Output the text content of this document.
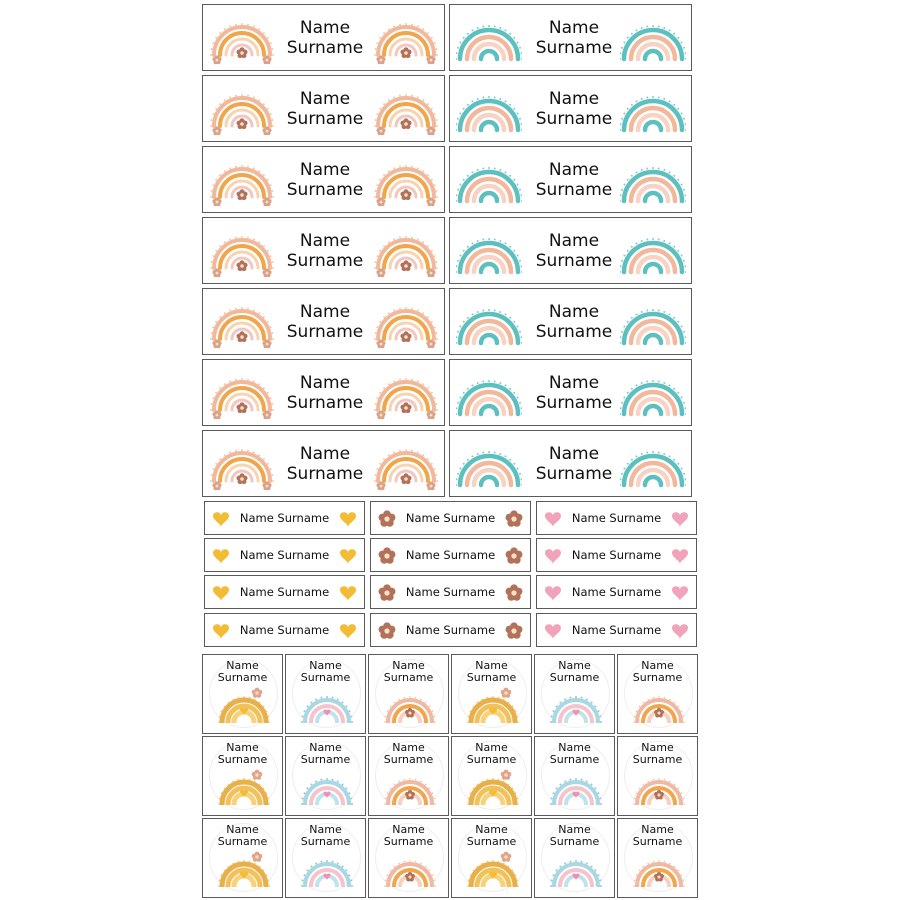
Name
Surname
Name
Surname
Name
Surname
Name
Surname
Name
Surname
Name
Surname
Name
Surname
Name
Surname
Name
Surname
Name
Surname
Name
Surname
Name
Surname
Name
Surname
Name
Surname
Name Surname	Name Surname	Name Surname
Name Surname	Name Surname	Name Surname
Name Surname	Name Surname	Name Surname
Name Surname	Name Surname	Name Surname
Name
Surname
Name
Surname
Name
Surname
Name
Surname
Name
Surname
Name
Surname
Name
Surname
Name
Surname
Name
Surname
Name
Surname
Name
Surname
Name
Surname
Name
Surname
Name
Surname
Name
Surname
Name
Surname
Name
Surname
Name
Surname
